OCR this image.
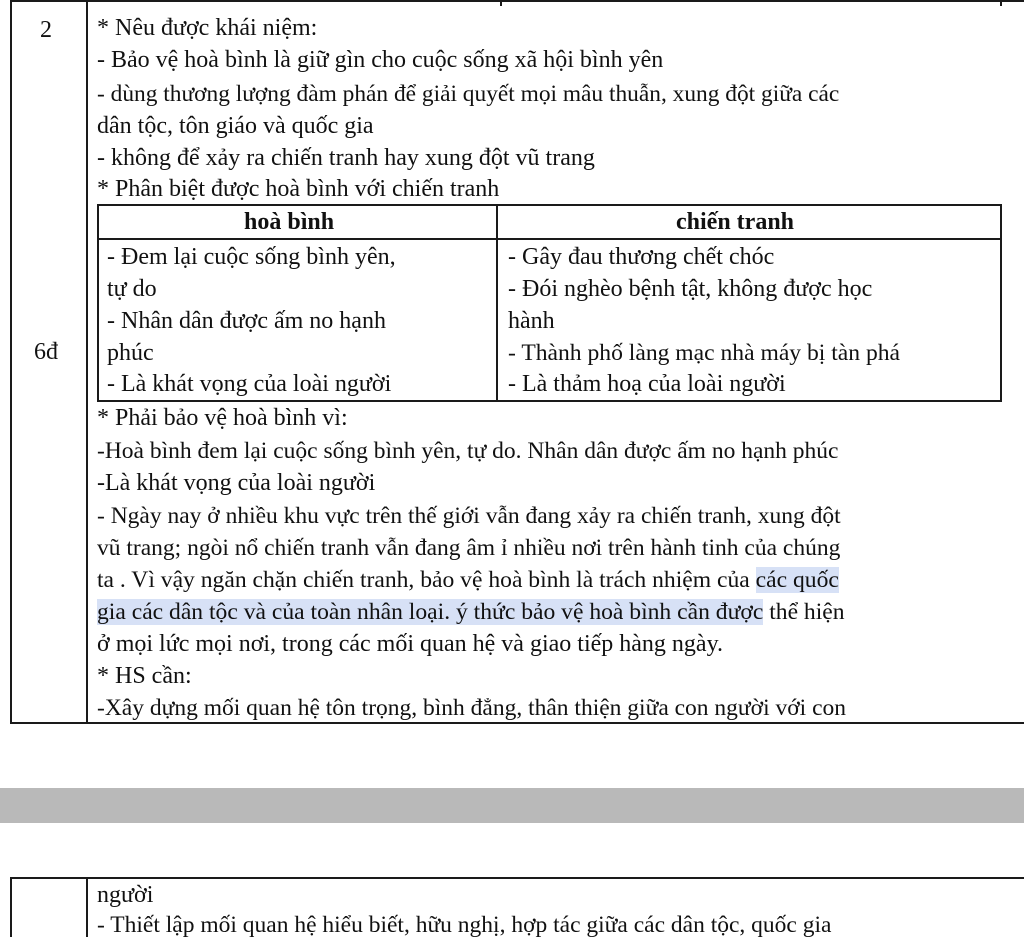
2
6đ
* Nêu được khái niệm:
- Bảo vệ hoà bình là giữ gìn cho cuộc sống xã hội bình yên
- dùng thương lượng đàm phán để giải quyết mọi mâu thuẫn, xung đột giữa các
dân tộc, tôn giáo và quốc gia
- không để xảy ra chiến tranh hay xung đột vũ trang
* Phân biệt được hoà bình với chiến tranh
hoà bình	chiến tranh
- Đem lại cuộc sống bình yên,
tự do
- Nhân dân được ấm no hạnh
phúc
- Là khát vọng của loài người
- Gây đau thương chết chóc
- Đói nghèo bệnh tật, không được học
hành
- Thành phố làng mạc nhà máy bị tàn phá
- Là thảm hoạ của loài người
* Phải bảo vệ hoà bình vì:
-Hoà bình đem lại cuộc sống bình yên, tự do. Nhân dân được ấm no hạnh phúc
-Là khát vọng của loài người
- Ngày nay ở nhiều khu vực trên thế giới vẫn đang xảy ra chiến tranh, xung đột
vũ trang; ngòi nổ chiến tranh vẫn đang âm ỉ nhiều nơi trên hành tinh của chúng
ta . Vì vậy ngăn chặn chiến tranh, bảo vệ hoà bình là trách nhiệm của các quốc
gia các dân tộc và của toàn nhân loại. ý thức bảo vệ hoà bình cần được thể hiện
ở mọi lức mọi nơi, trong các mối quan hệ và giao tiếp hàng ngày.
* HS cần:
-Xây dựng mối quan hệ tôn trọng, bình đẳng, thân thiện giữa con người với con
người
- Thiết lập mối quan hệ hiểu biết, hữu nghị, hợp tác giữa các dân tộc, quốc gia
